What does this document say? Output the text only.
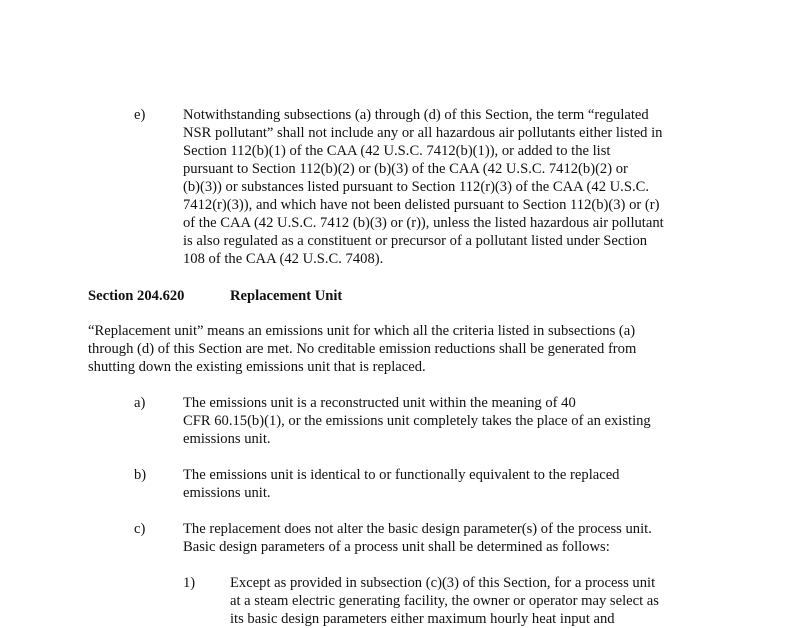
e)	Notwithstanding subsections (a) through (d) of this Section, the term “regulated
NSR pollutant” shall not include any or all hazardous air pollutants either listed in
Section 112(b)(1) of the CAA (42 U.S.C. 7412(b)(1)), or added to the list
pursuant to Section 112(b)(2) or (b)(3) of the CAA (42 U.S.C. 7412(b)(2) or
(b)(3)) or substances listed pursuant to Section 112(r)(3) of the CAA (42 U.S.C.
7412(r)(3)), and which have not been delisted pursuant to Section 112(b)(3) or (r)
of the CAA (42 U.S.C. 7412 (b)(3) or (r)), unless the listed hazardous air pollutant
is also regulated as a constituent or precursor of a pollutant listed under Section
108 of the CAA (42 U.S.C. 7408).
Section 204.620	Replacement Unit
“Replacement unit” means an emissions unit for which all the criteria listed in subsections (a)
through (d) of this Section are met. No creditable emission reductions shall be generated from
shutting down the existing emissions unit that is replaced.
a)	The emissions unit is a reconstructed unit within the meaning of 40
CFR 60.15(b)(1), or the emissions unit completely takes the place of an existing
emissions unit.
b)	The emissions unit is identical to or functionally equivalent to the replaced
emissions unit.
c)	The replacement does not alter the basic design parameter(s) of the process unit.
Basic design parameters of a process unit shall be determined as follows:
1) Except as provided in subsection (c)(3) of this Section, for a process unit
at a steam electric generating facility, the owner or operator may select as
its basic design parameters either maximum hourly heat input and
